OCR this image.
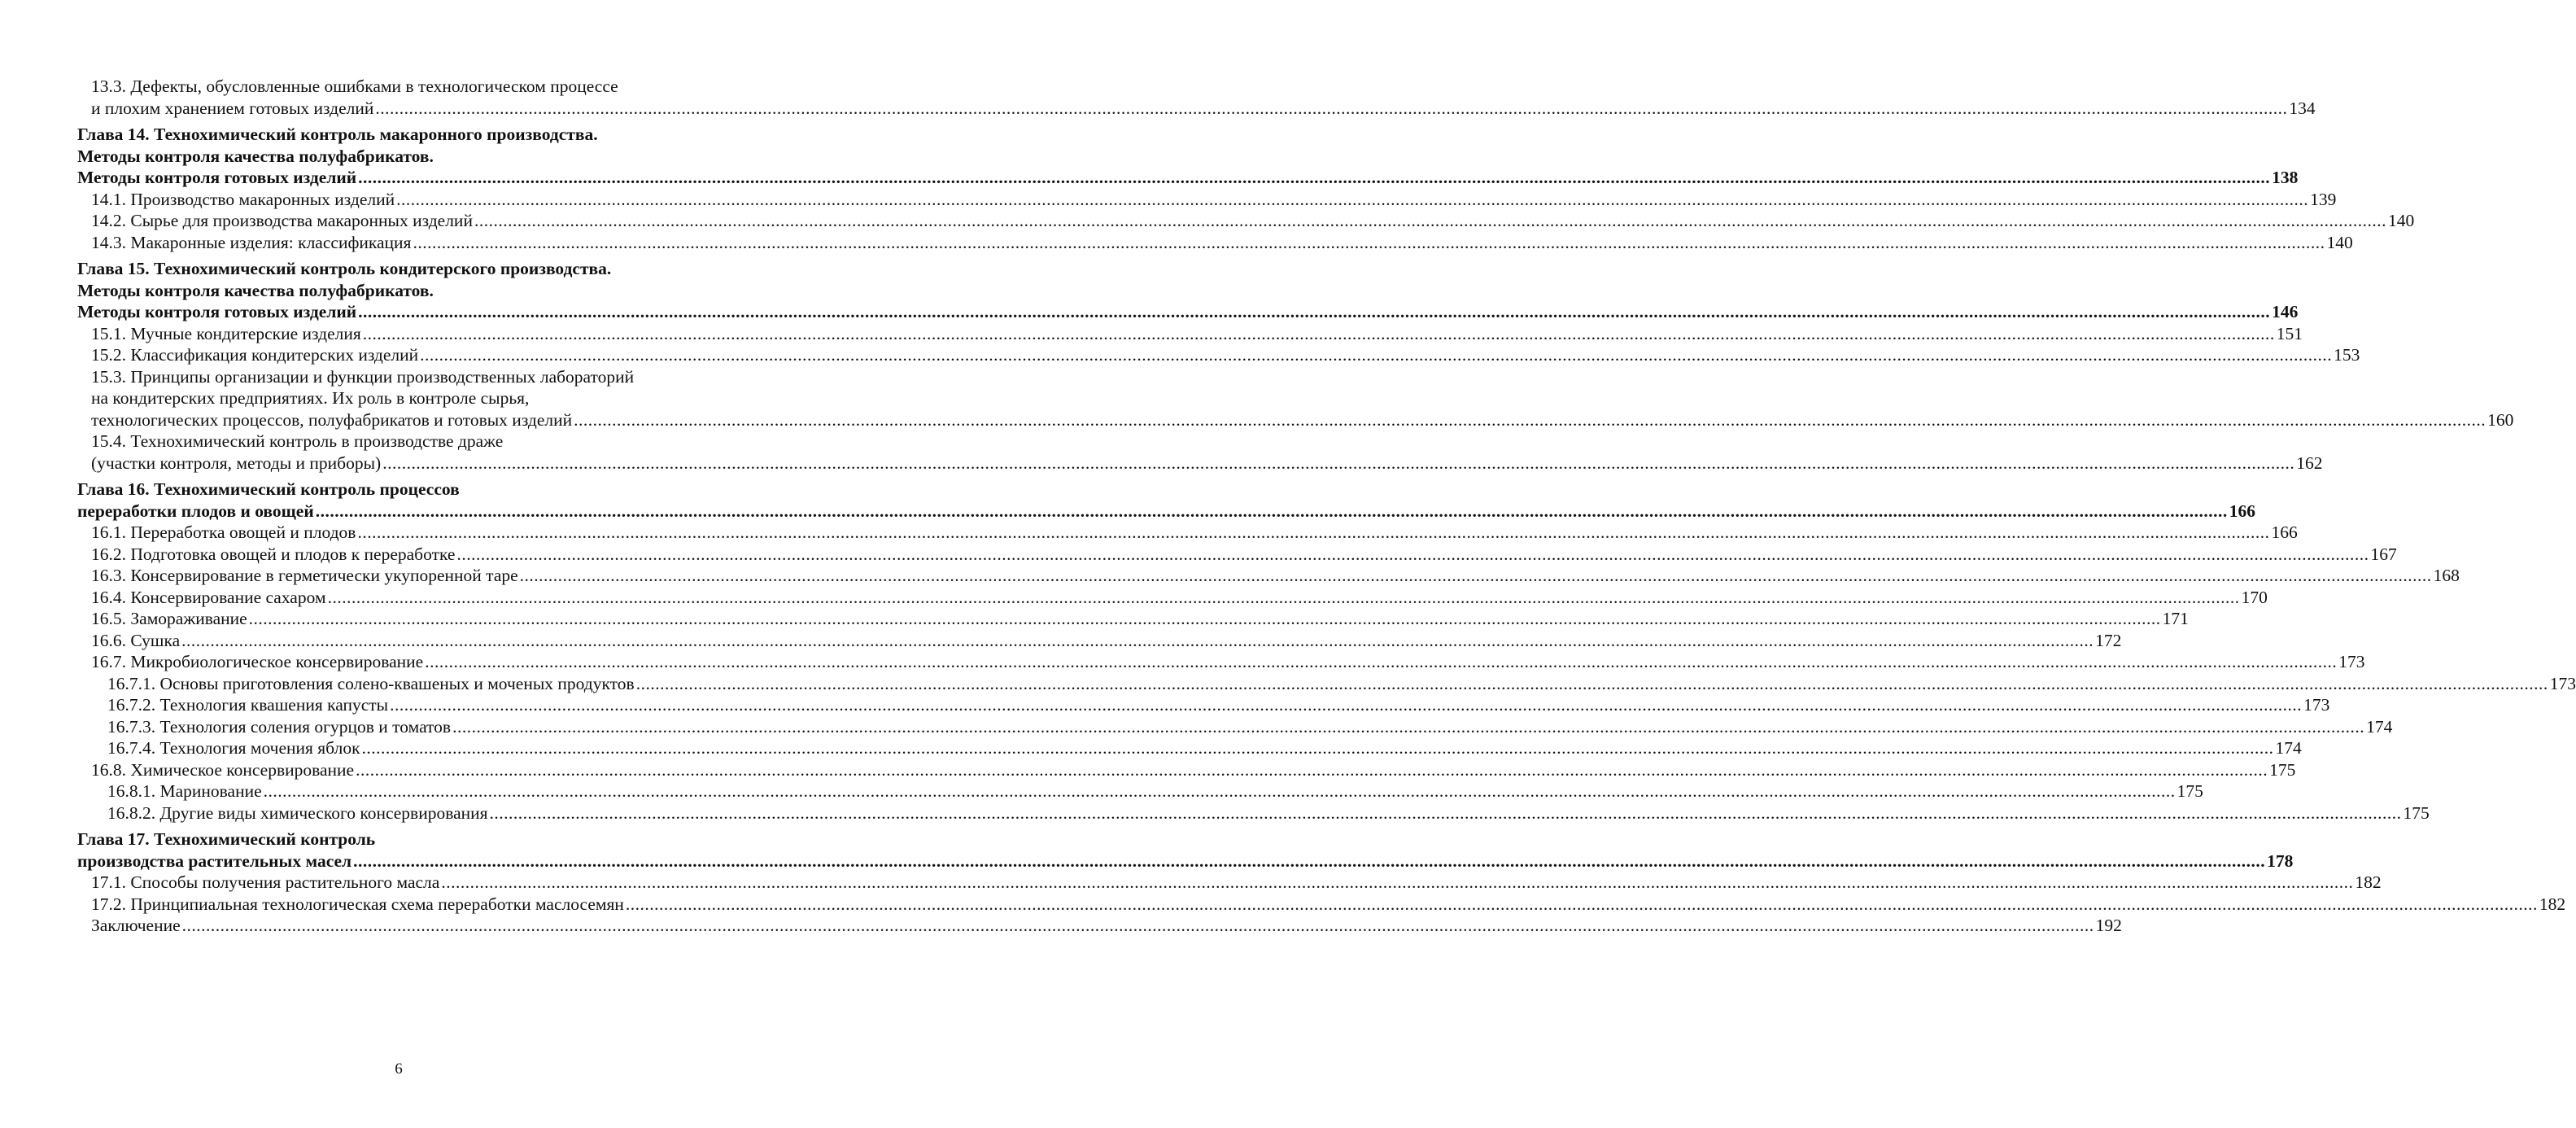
13.3. Дефекты, обусловленные ошибками в технологическом процессе
и плохим хранением готовых изделий ................................................................................................................................................................................................................................................................................................................................................................................................................ 134
Глава 14. Технохимический контроль макаронного производства.
Методы контроля качества полуфабрикатов.
Методы контроля готовых изделий ................................................................................................................................................................................................................................................................................................................................................................................................................ 138
14.1. Производство макаронных изделий ................................................................................................................................................................................................................................................................................................................................................................................................................ 139
14.2. Сырье для производства макаронных изделий ................................................................................................................................................................................................................................................................................................................................................................................................................ 140
14.3. Макаронные изделия: классификация ................................................................................................................................................................................................................................................................................................................................................................................................................ 140
Глава 15. Технохимический контроль кондитерского производства.
Методы контроля качества полуфабрикатов.
Методы контроля готовых изделий ................................................................................................................................................................................................................................................................................................................................................................................................................ 146
15.1. Мучные кондитерские изделия ................................................................................................................................................................................................................................................................................................................................................................................................................ 151
15.2. Классификация кондитерских изделий ................................................................................................................................................................................................................................................................................................................................................................................................................ 153
15.3. Принципы организации и функции производственных лабораторий
на кондитерских предприятиях. Их роль в контроле сырья,
технологических процессов, полуфабрикатов и готовых изделий ................................................................................................................................................................................................................................................................................................................................................................................................................ 160
15.4. Технохимический контроль в производстве драже
(участки контроля, методы и приборы) ................................................................................................................................................................................................................................................................................................................................................................................................................ 162
Глава 16. Технохимический контроль процессов
переработки плодов и овощей ................................................................................................................................................................................................................................................................................................................................................................................................................ 166
16.1. Переработка овощей и плодов ................................................................................................................................................................................................................................................................................................................................................................................................................ 166
16.2. Подготовка овощей и плодов к переработке ................................................................................................................................................................................................................................................................................................................................................................................................................ 167
16.3. Консервирование в герметически укупоренной таре ................................................................................................................................................................................................................................................................................................................................................................................................................ 168
16.4. Консервирование сахаром ................................................................................................................................................................................................................................................................................................................................................................................................................ 170
16.5. Замораживание ................................................................................................................................................................................................................................................................................................................................................................................................................ 171
16.6. Сушка ................................................................................................................................................................................................................................................................................................................................................................................................................ 172
16.7. Микробиологическое консервирование ................................................................................................................................................................................................................................................................................................................................................................................................................ 173
16.7.1. Основы приготовления солено-квашеных и моченых продуктов ................................................................................................................................................................................................................................................................................................................................................................................................................ 173
16.7.2. Технология квашения капусты ................................................................................................................................................................................................................................................................................................................................................................................................................ 173
16.7.3. Технология соления огурцов и томатов ................................................................................................................................................................................................................................................................................................................................................................................................................ 174
16.7.4. Технология мочения яблок ................................................................................................................................................................................................................................................................................................................................................................................................................ 174
16.8. Химическое консервирование ................................................................................................................................................................................................................................................................................................................................................................................................................ 175
16.8.1. Маринование ................................................................................................................................................................................................................................................................................................................................................................................................................ 175
16.8.2. Другие виды химического консервирования ................................................................................................................................................................................................................................................................................................................................................................................................................ 175
Глава 17. Технохимический контроль
производства растительных масел ................................................................................................................................................................................................................................................................................................................................................................................................................ 178
17.1. Способы получения растительного масла ................................................................................................................................................................................................................................................................................................................................................................................................................ 182
17.2. Принципиальная технологическая схема переработки маслосемян ................................................................................................................................................................................................................................................................................................................................................................................................................ 182
Заключение ................................................................................................................................................................................................................................................................................................................................................................................................................ 192
6
